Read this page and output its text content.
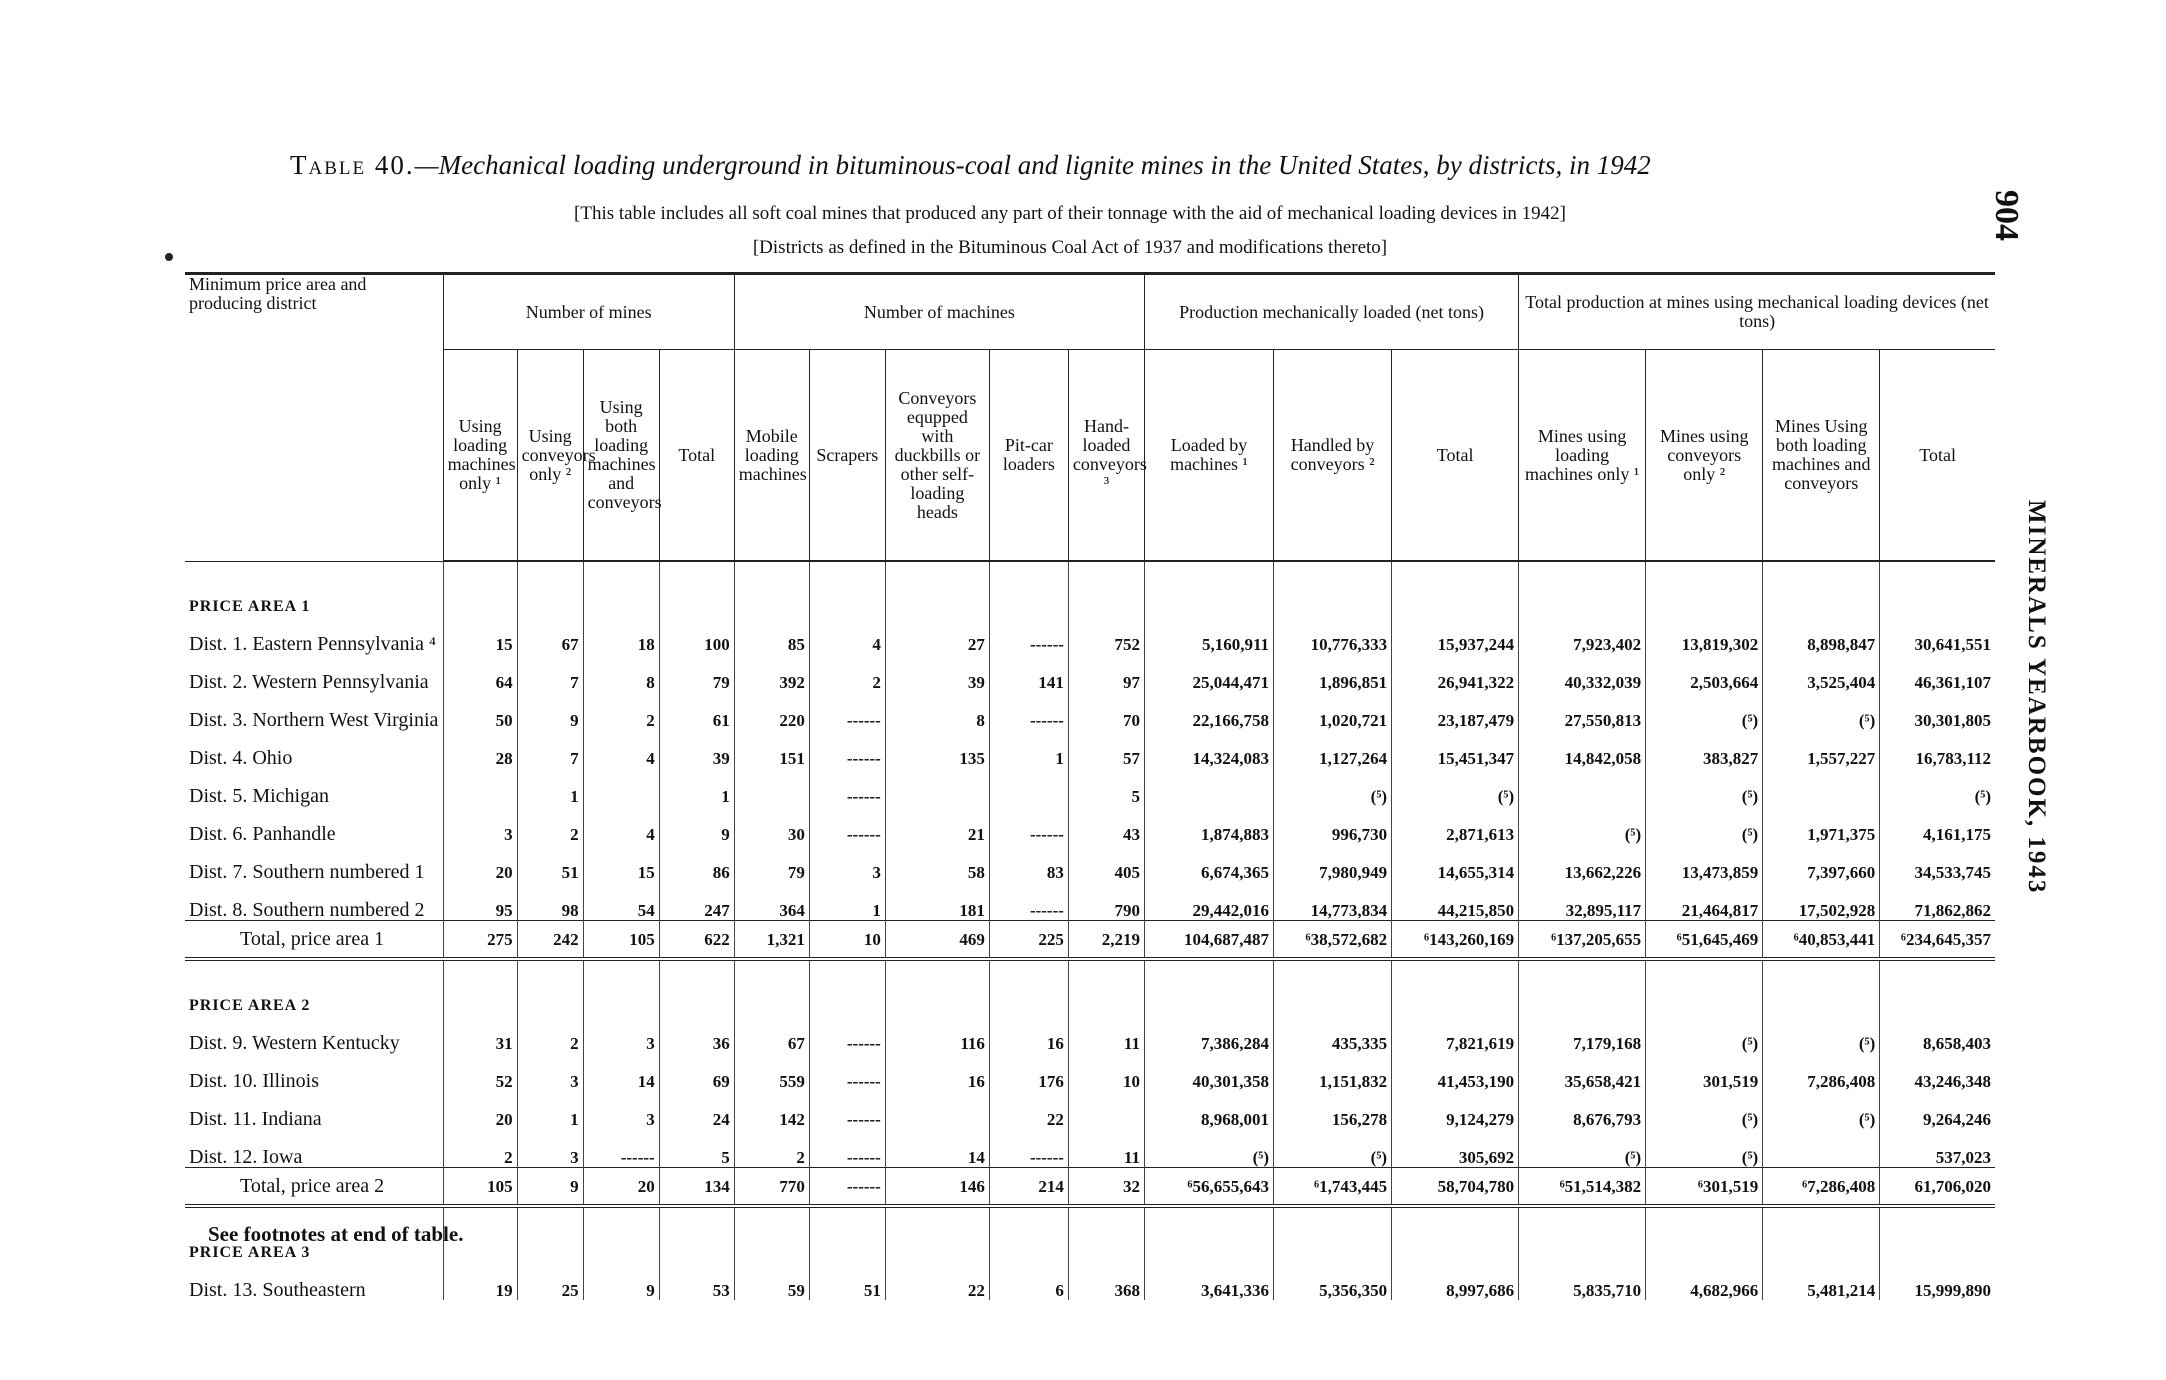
Table 40.—Mechanical loading underground in bituminous-coal and lignite mines in the United States, by districts, in 1942
[This table includes all soft coal mines that produced any part of their tonnage with the aid of mechanical loading devices in 1942]
[Districts as defined in the Bituminous Coal Act of 1937 and modifications thereto]
904
MINERALS YEARBOOK, 1943
Minimum price area and producing district	Number of mines				Number of machines					Production mechanically loaded (net tons)			Total production at mines using mechanical loading devices (net tons)			
	Using loading machines only ¹	Using conveyors only ²	Using both loading machines and conveyors	Total	Mobile loading machines	Scrapers	Conveyors equpped with duckbills or other self-loading heads	Pit-car loaders	Hand-loaded conveyors ³	Loaded by machines ¹	Handled by conveyors ²	Total	Mines using loading machines only ¹	Mines using conveyors only ²	Mines Using both loading machines and conveyors	Total
PRICE AREA 1																
Dist. 1. Eastern Pennsylvania ⁴	15	67	18	100	85	4	27	------	752	5,160,911	10,776,333	15,937,244	7,923,402	13,819,302	8,898,847	30,641,551
Dist. 2. Western Pennsylvania	64	7	8	79	392	2	39	141	97	25,044,471	1,896,851	26,941,322	40,332,039	2,503,664	3,525,404	46,361,107
Dist. 3. Northern West Virginia	50	9	2	61	220	------	8	------	70	22,166,758	1,020,721	23,187,479	27,550,813	(⁵)	(⁵)	30,301,805
Dist. 4. Ohio	28	7	4	39	151	------	135	1	57	14,324,083	1,127,264	15,451,347	14,842,058	383,827	1,557,227	16,783,112
Dist. 5. Michigan		1		1		------			5		(⁵)	(⁵)		(⁵)		(⁵)
Dist. 6. Panhandle	3	2	4	9	30	------	21	------	43	1,874,883	996,730	2,871,613	(⁵)	(⁵)	1,971,375	4,161,175
Dist. 7. Southern numbered 1	20	51	15	86	79	3	58	83	405	6,674,365	7,980,949	14,655,314	13,662,226	13,473,859	7,397,660	34,533,745
Dist. 8. Southern numbered 2	95	98	54	247	364	1	181	------	790	29,442,016	14,773,834	44,215,850	32,895,117	21,464,817	17,502,928	71,862,862
Total, price area 1	275	242	105	622	1,321	10	469	225	2,219	104,687,487	⁶38,572,682	⁶143,260,169	⁶137,205,655	⁶51,645,469	⁶40,853,441	⁶234,645,357
PRICE AREA 2																
Dist. 9. Western Kentucky	31	2	3	36	67	------	116	16	11	7,386,284	435,335	7,821,619	7,179,168	(⁵)	(⁵)	8,658,403
Dist. 10. Illinois	52	3	14	69	559	------	16	176	10	40,301,358	1,151,832	41,453,190	35,658,421	301,519	7,286,408	43,246,348
Dist. 11. Indiana	20	1	3	24	142	------		22		8,968,001	156,278	9,124,279	8,676,793	(⁵)	(⁵)	9,264,246
Dist. 12. Iowa	2	3	------	5	2	------	14	------	11	(⁵)	(⁵)	305,692	(⁵)	(⁵)		537,023
Total, price area 2	105	9	20	134	770	------	146	214	32	⁶56,655,643	⁶1,743,445	58,704,780	⁶51,514,382	⁶301,519	⁶7,286,408	61,706,020
PRICE AREA 3																
Dist. 13. Southeastern	19	25	9	53	59	51	22	6	368	3,641,336	5,356,350	8,997,686	5,835,710	4,682,966	5,481,214	15,999,890
See footnotes at end of table.
